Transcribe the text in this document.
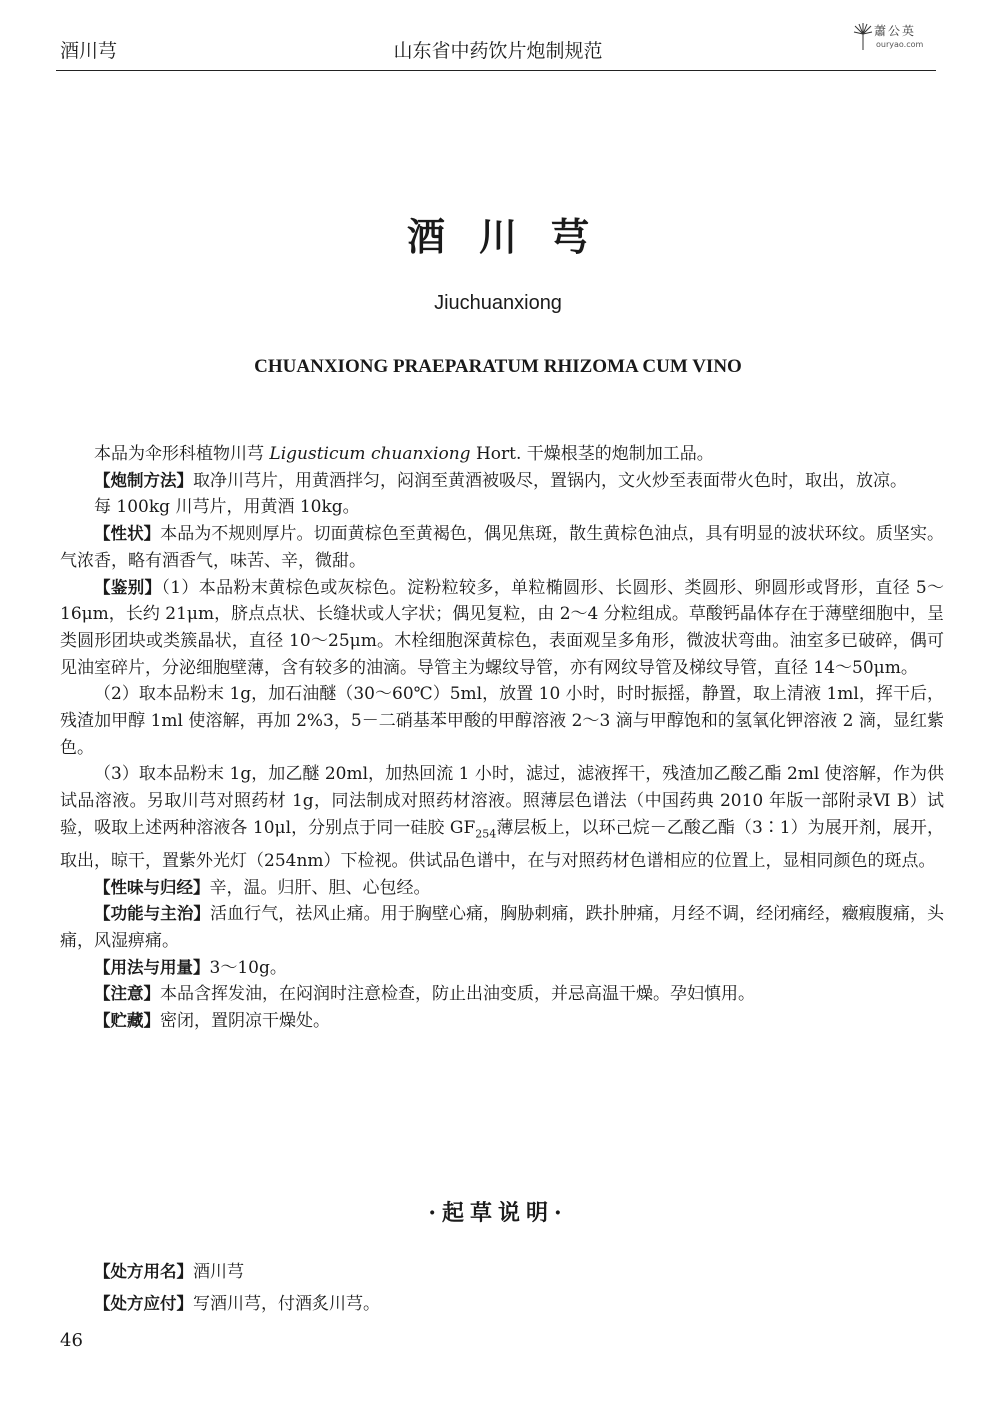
酒川芎	山东省中药饮片炮制规范
蕭公英
ouryao.com
酒川芎
Jiuchuanxiong
CHUANXIONG PRAEPARATUM RHIZOMA CUM VINO

本品为伞形科植物川芎 Ligusticum chuanxiong Hort. 干燥根茎的炮制加工品。

【炮制方法】取净川芎片，用黄酒拌匀，闷润至黄酒被吸尽，置锅内，文火炒至表面带火色时，取出，放凉。

每 100kg 川芎片，用黄酒 10kg。

【性状】本品为不规则厚片。切面黄棕色至黄褐色，偶见焦斑，散生黄棕色油点，具有明显的波状环纹。质坚实。气浓香，略有酒香气，味苦、辛，微甜。

【鉴别】（1）本品粉末黄棕色或灰棕色。淀粉粒较多，单粒椭圆形、长圆形、类圆形、卵圆形或肾形，直径 5～16μm，长约 21μm，脐点点状、长缝状或人字状；偶见复粒，由 2～4 分粒组成。草酸钙晶体存在于薄壁细胞中，呈类圆形团块或类簇晶状，直径 10～25μm。木栓细胞深黄棕色，表面观呈多角形，微波状弯曲。油室多已破碎，偶可见油室碎片，分泌细胞壁薄，含有较多的油滴。导管主为螺纹导管，亦有网纹导管及梯纹导管，直径 14～50μm。

（2）取本品粉末 1g，加石油醚（30～60℃）5ml，放置 10 小时，时时振摇，静置，取上清液 1ml，挥干后，残渣加甲醇 1ml 使溶解，再加 2%3，5－二硝基苯甲酸的甲醇溶液 2～3 滴与甲醇饱和的氢氧化钾溶液 2 滴，显红紫色。

（3）取本品粉末 1g，加乙醚 20ml，加热回流 1 小时，滤过，滤液挥干，残渣加乙酸乙酯 2ml 使溶解，作为供试品溶液。另取川芎对照药材 1g，同法制成对照药材溶液。照薄层色谱法（中国药典 2010 年版一部附录Ⅵ B）试验，吸取上述两种溶液各 10μl，分别点于同一硅胶 $GF_{254}$薄层板上，以环己烷－乙酸乙酯（3∶1）为展开剂，展开，取出，晾干，置紫外光灯（254nm）下检视。供试品色谱中，在与对照药材色谱相应的位置上，显相同颜色的斑点。

【性味与归经】辛，温。归肝、胆、心包经。

【功能与主治】活血行气，祛风止痛。用于胸壁心痛，胸胁刺痛，跌扑肿痛，月经不调，经闭痛经，癥瘕腹痛，头痛，风湿痹痛。

【用法与用量】3～10g。

【注意】本品含挥发油，在闷润时注意检查，防止出油变质，并忌高温干燥。孕妇慎用。

【贮藏】密闭，置阴凉干燥处。

·起草说明·

【处方用名】酒川芎

【处方应付】写酒川芎，付酒炙川芎。

46
